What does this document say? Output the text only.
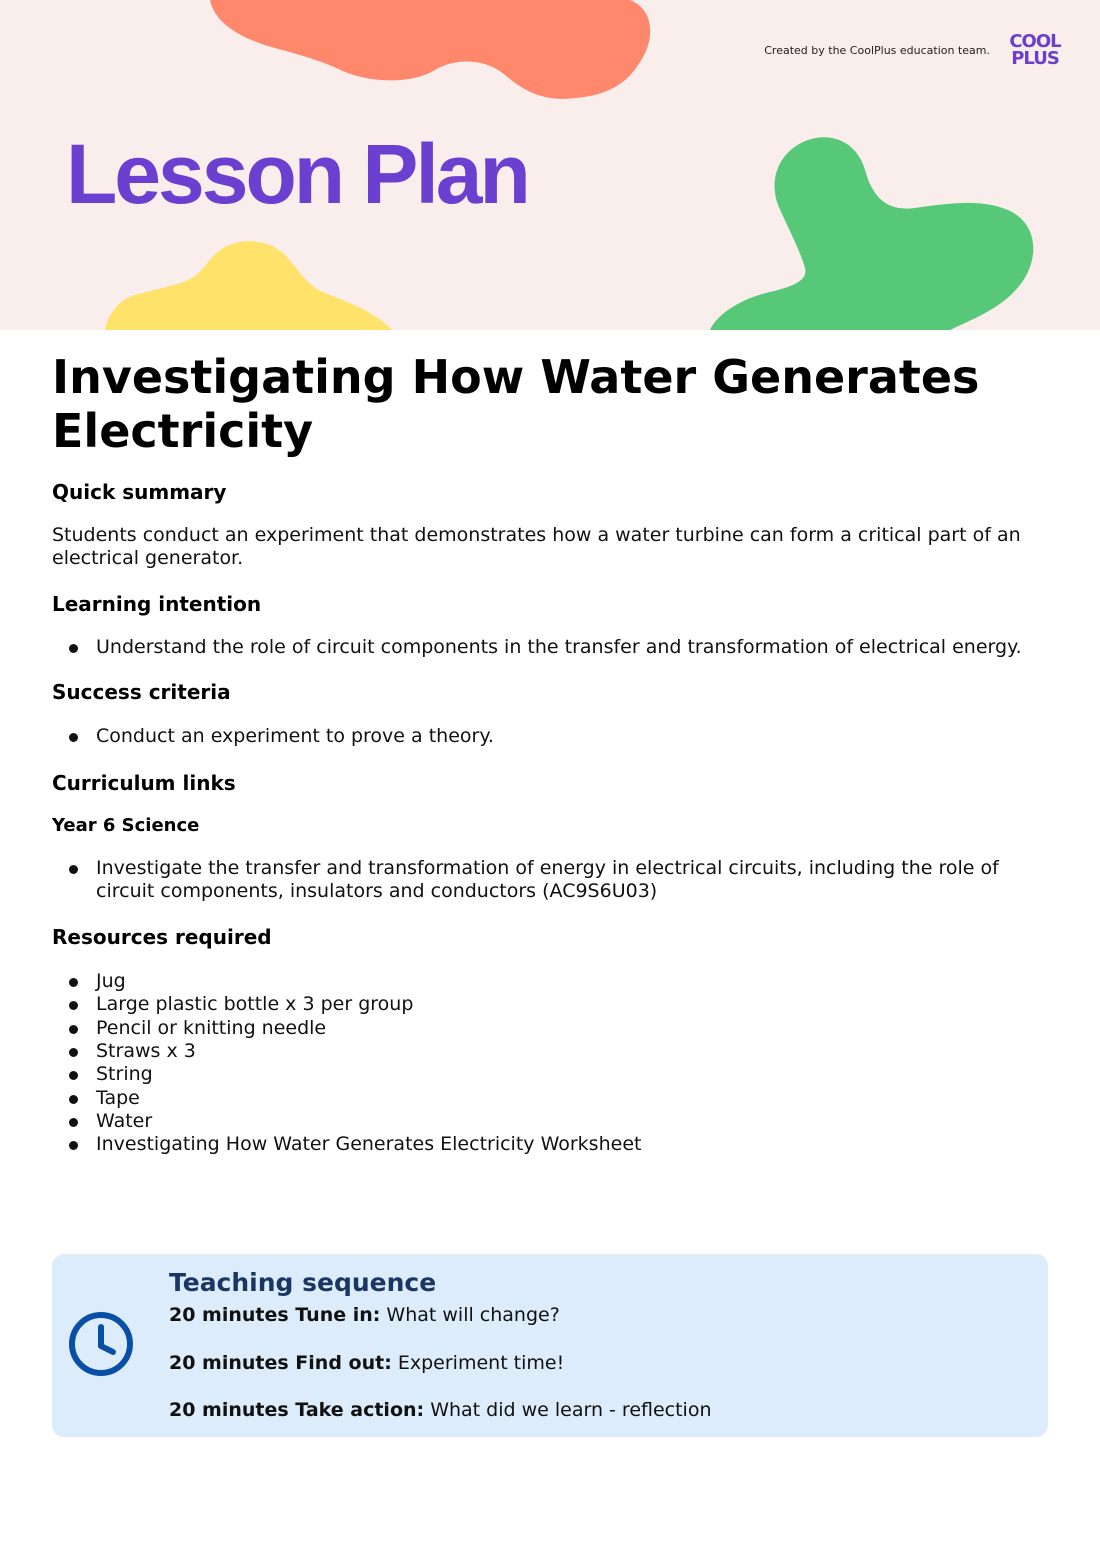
Created by the CoolPlus education team.	COOL
PLUS
Lesson Plan
Investigating How Water Generates Electricity
Quick summary

Students conduct an experiment that demonstrates how a water turbine can form a critical part of an electrical generator.

Learning intention
Understand the role of circuit components in the transfer and transformation of electrical energy.
Success criteria
Conduct an experiment to prove a theory.
Curriculum links
Year 6 Science
Investigate the transfer and transformation of energy in electrical circuits, including the role of circuit components, insulators and conductors (AC9S6U03)
Resources required
Jug
Large plastic bottle x 3 per group
Pencil or knitting needle
Straws x 3
String
Tape
Water
Investigating How Water Generates Electricity Worksheet
Teaching sequence
20 minutes Tune in: What will change?
20 minutes Find out: Experiment time!
20 minutes Take action: What did we learn - reflection
